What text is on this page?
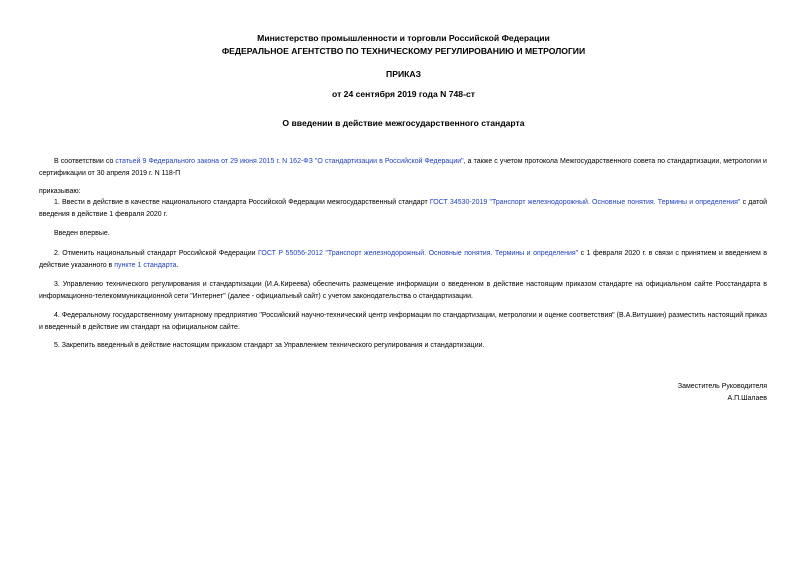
Министерство промышленности и торговли Российской Федерации
ФЕДЕРАЛЬНОЕ АГЕНТСТВО ПО ТЕХНИЧЕСКОМУ РЕГУЛИРОВАНИЮ И МЕТРОЛОГИИ
ПРИКАЗ
от 24 сентября 2019 года N 748-ст
О введении в действие межгосударственного стандарта
В соответствии со статьей 9 Федерального закона от 29 июня 2015 г. N 162-ФЗ "О стандартизации в Российской Федерации", а также с учетом протокола Межгосударственного совета по стандартизации, метрологии и сертификации от 30 апреля 2019 г. N 118-П
приказываю:
1. Ввести в действие в качестве национального стандарта Российской Федерации межгосударственный стандарт ГОСТ 34530-2019 "Транспорт железнодорожный. Основные понятия. Термины и определения" с датой введения в действие 1 февраля 2020 г.
Введен впервые.
2. Отменить национальный стандарт Российской Федерации ГОСТ Р 55056-2012 "Транспорт железнодорожный. Основные понятия. Термины и определения" с 1 февраля 2020 г. в связи с принятием и введением в действие указанного в пункте 1 стандарта.
3. Управлению технического регулирования и стандартизации (И.А.Киреева) обеспечить размещение информации о введенном в действие настоящим приказом стандарте на официальном сайте Росстандарта в информационно-телекоммуникационной сети "Интернет" (далее - официальный сайт) с учетом законодательства о стандартизации.
4. Федеральному государственному унитарному предприятию "Российский научно-технический центр информации по стандартизации, метрологии и оценке соответствия" (В.А.Витушкин) разместить настоящий приказ и введенный в действие им стандарт на официальном сайте.
5. Закрепить введенный в действие настоящим приказом стандарт за Управлением технического регулирования и стандартизации.
Заместитель Руководителя
А.П.Шалаев
